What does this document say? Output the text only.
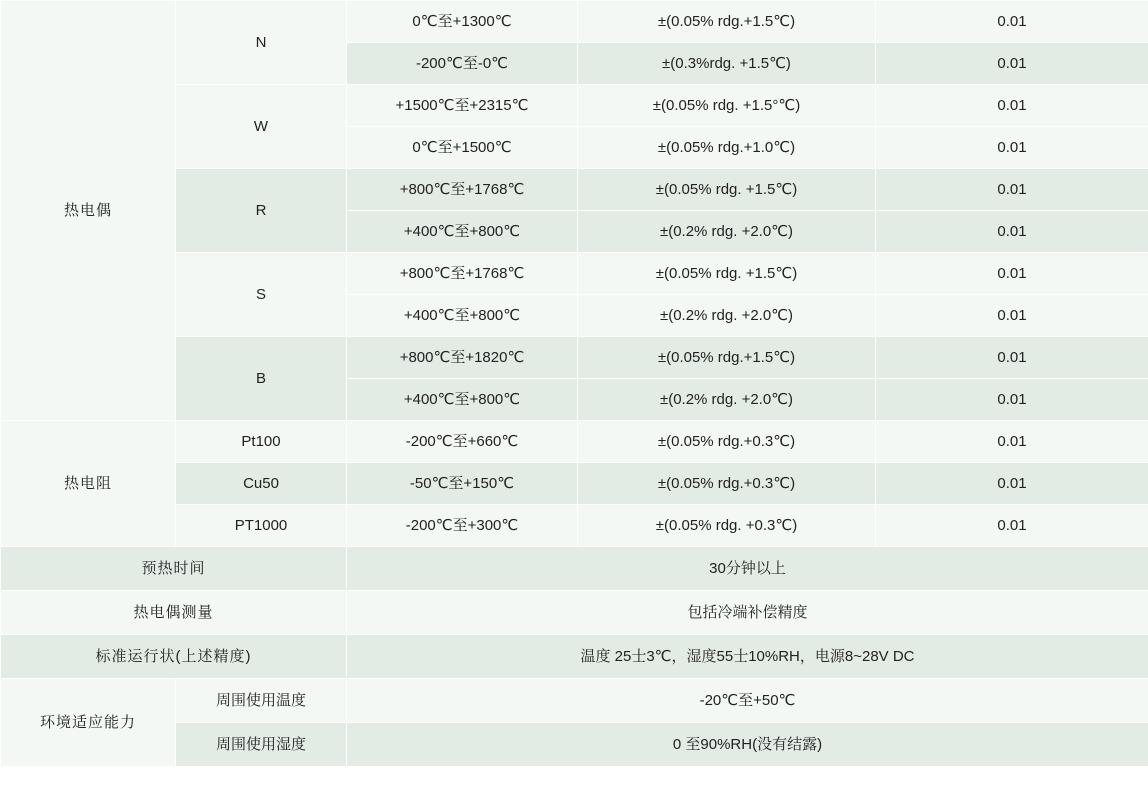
热电偶	N	0℃至+1300℃	±(0.05% rdg.+1.5℃)	0.01
		-200℃至-0℃	±(0.3%rdg. +1.5℃)	0.01
	W	+1500℃至+2315℃	±(0.05% rdg. +1.5°℃)	0.01
		0℃至+1500℃	±(0.05% rdg.+1.0℃)	0.01
	R	+800℃至+1768℃	±(0.05% rdg. +1.5℃)	0.01
		+400℃至+800℃	±(0.2% rdg. +2.0℃)	0.01
	S	+800℃至+1768℃	±(0.05% rdg. +1.5℃)	0.01
		+400℃至+800℃	±(0.2% rdg. +2.0℃)	0.01
	B	+800℃至+1820℃	±(0.05% rdg.+1.5℃)	0.01
		+400℃至+800℃	±(0.2% rdg. +2.0℃)	0.01
热电阻	Pt100	-200℃至+660℃	±(0.05% rdg.+0.3℃)	0.01
	Cu50	-50℃至+150℃	±(0.05% rdg.+0.3℃)	0.01
	PT1000	-200℃至+300℃	±(0.05% rdg. +0.3℃)	0.01
预热时间		30分钟以上		
热电偶测量		包括冷端补偿精度		
标准运行状(上述精度)		温度 25士3℃，湿度55士10%RH，电源8~28V DC		
环境适应能力	周围使用温度	-20℃至+50℃		
	周围使用湿度	0 至90%RH(没有结露)		
